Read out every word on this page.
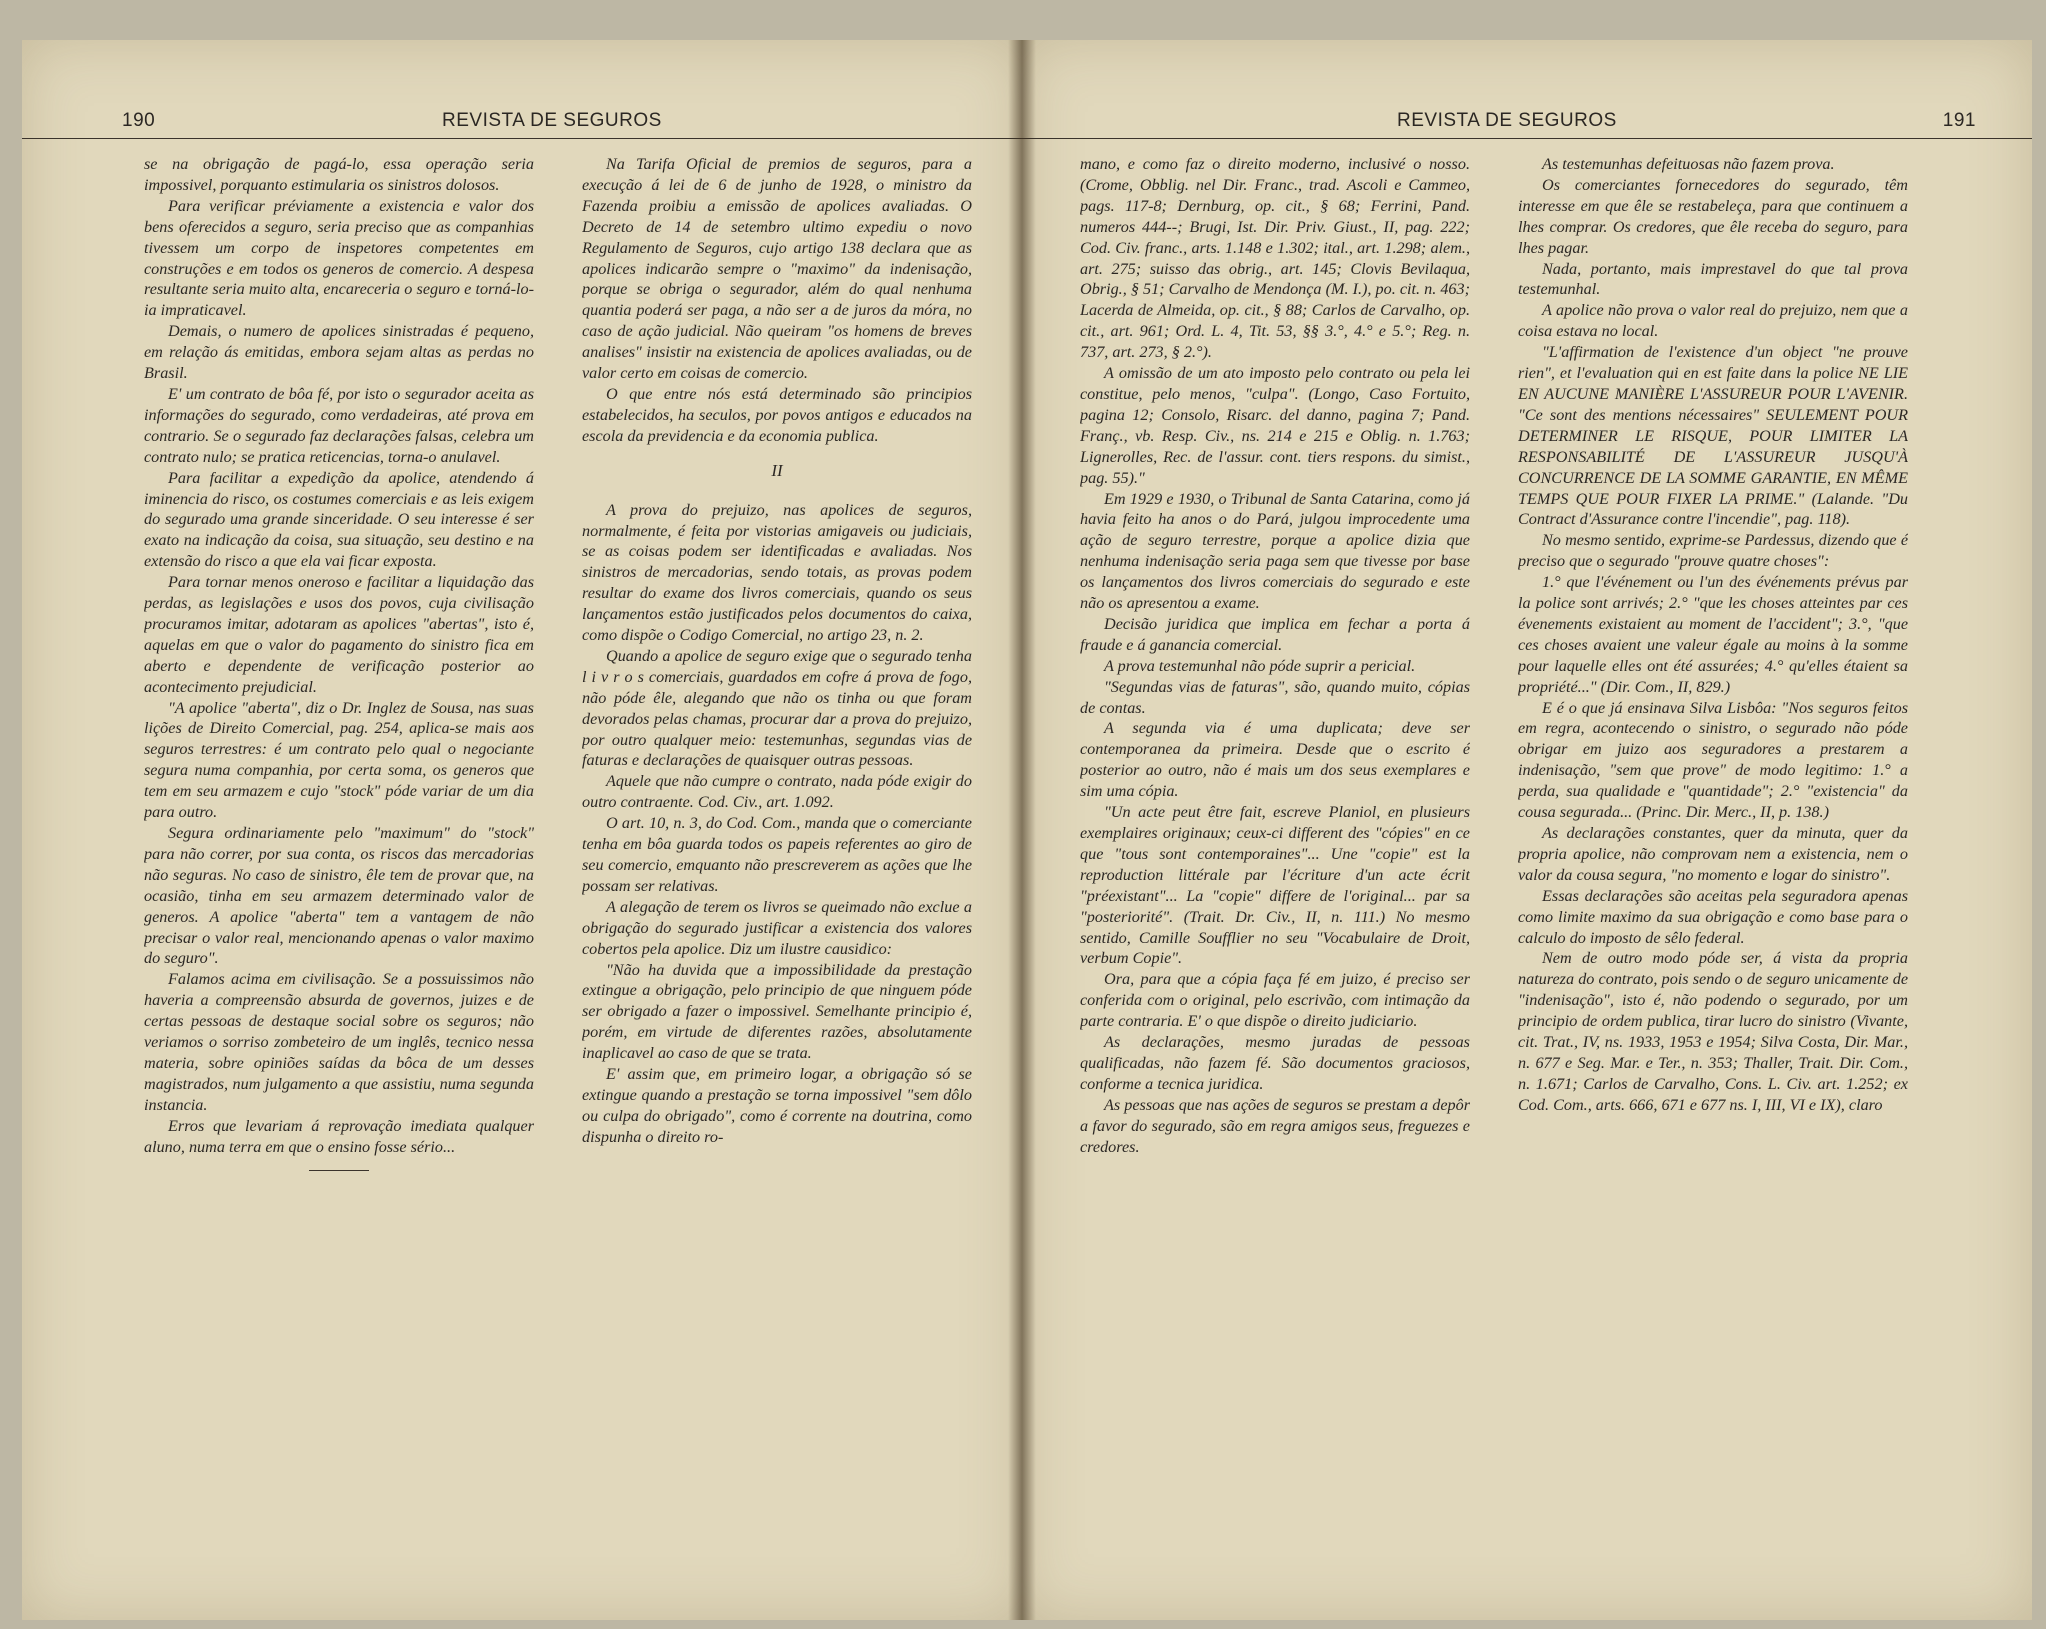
190	REVISTA DE SEGUROS

se na obrigação de pagá-lo, essa operação seria impossivel, porquanto estimularia os sinistros dolosos.

Para verificar préviamente a existencia e valor dos bens oferecidos a seguro, seria preciso que as companhias tivessem um corpo de inspetores competentes em construções e em todos os generos de comercio. A despesa resultante seria muito alta, encareceria o seguro e torná-lo-ia impraticavel.

Demais, o numero de apolices sinistradas é pequeno, em relação ás emitidas, embora sejam altas as perdas no Brasil.

E' um contrato de bôa fé, por isto o segurador aceita as informações do segurado, como verdadeiras, até prova em contrario. Se o segurado faz declarações falsas, celebra um contrato nulo; se pratica reticencias, torna-o anulavel.

Para facilitar a expedição da apolice, atendendo á iminencia do risco, os costumes comerciais e as leis exigem do segurado uma grande sinceridade. O seu interesse é ser exato na indicação da coisa, sua situação, seu destino e na extensão do risco a que ela vai ficar exposta.

Para tornar menos oneroso e facilitar a liquidação das perdas, as legislações e usos dos povos, cuja civilisação procuramos imitar, adotaram as apolices "abertas", isto é, aquelas em que o valor do pagamento do sinistro fica em aberto e dependente de verificação posterior ao acontecimento prejudicial.

"A apolice "aberta", diz o Dr. Inglez de Sousa, nas suas lições de Direito Comercial, pag. 254, aplica-se mais aos seguros terrestres: é um contrato pelo qual o negociante segura numa companhia, por certa soma, os generos que tem em seu armazem e cujo "stock" póde variar de um dia para outro.

Segura ordinariamente pelo "maximum" do "stock" para não correr, por sua conta, os riscos das mercadorias não seguras. No caso de sinistro, êle tem de provar que, na ocasião, tinha em seu armazem determinado valor de generos. A apolice "aberta" tem a vantagem de não precisar o valor real, mencionando apenas o valor maximo do seguro".

Falamos acima em civilisação. Se a possuissimos não haveria a compreensão absurda de governos, juizes e de certas pessoas de destaque social sobre os seguros; não veriamos o sorriso zombeteiro de um inglês, tecnico nessa materia, sobre opiniões saídas da bôca de um desses magistrados, num julgamento a que assistiu, numa segunda instancia.

Erros que levariam á reprovação imediata qualquer aluno, numa terra em que o ensino fosse sério...

Na Tarifa Oficial de premios de seguros, para a execução á lei de 6 de junho de 1928, o ministro da Fazenda proibiu a emissão de apolices avaliadas. O Decreto de 14 de setembro ultimo expediu o novo Regulamento de Seguros, cujo artigo 138 declara que as apolices indicarão sempre o "maximo" da indenisação, porque se obriga o segurador, além do qual nenhuma quantia poderá ser paga, a não ser a de juros da móra, no caso de ação judicial. Não queiram "os homens de breves analises" insistir na existencia de apolices avaliadas, ou de valor certo em coisas de comercio.

O que entre nós está determinado são principios estabelecidos, ha seculos, por povos antigos e educados na escola da previdencia e da economia publica.

II

A prova do prejuizo, nas apolices de seguros, normalmente, é feita por vistorias amigaveis ou judiciais, se as coisas podem ser identificadas e avaliadas. Nos sinistros de mercadorias, sendo totais, as provas podem resultar do exame dos livros comerciais, quando os seus lançamentos estão justificados pelos documentos do caixa, como dispõe o Codigo Comercial, no artigo 23, n. 2.

Quando a apolice de seguro exige que o segurado tenha l i v r o s comerciais, guardados em cofre á prova de fogo, não póde êle, alegando que não os tinha ou que foram devorados pelas chamas, procurar dar a prova do prejuizo, por outro qualquer meio: testemunhas, segundas vias de faturas e declarações de quaisquer outras pessoas.

Aquele que não cumpre o contrato, nada póde exigir do outro contraente. Cod. Civ., art. 1.092.

O art. 10, n. 3, do Cod. Com., manda que o comerciante tenha em bôa guarda todos os papeis referentes ao giro de seu comercio, emquanto não prescreverem as ações que lhe possam ser relativas.

A alegação de terem os livros se queimado não exclue a obrigação do segurado justificar a existencia dos valores cobertos pela apolice. Diz um ilustre causidico:

"Não ha duvida que a impossibilidade da prestação extingue a obrigação, pelo principio de que ninguem póde ser obrigado a fazer o impossivel. Semelhante principio é, porém, em virtude de diferentes razões, absolutamente inaplicavel ao caso de que se trata.

E' assim que, em primeiro logar, a obrigação só se extingue quando a prestação se torna impossivel "sem dôlo ou culpa do obrigado", como é corrente na doutrina, como dispunha o direito ro-

REVISTA DE SEGUROS	191

mano, e como faz o direito moderno, inclusivé o nosso. (Crome, Obblig. nel Dir. Franc., trad. Ascoli e Cammeo, pags. 117-8; Dernburg, op. cit., § 68; Ferrini, Pand. numeros 444--; Brugi, Ist. Dir. Priv. Giust., II, pag. 222; Cod. Civ. franc., arts. 1.148 e 1.302; ital., art. 1.298; alem., art. 275; suisso das obrig., art. 145; Clovis Bevilaqua, Obrig., § 51; Carvalho de Mendonça (M. I.), po. cit. n. 463; Lacerda de Almeida, op. cit., § 88; Carlos de Carvalho, op. cit., art. 961; Ord. L. 4, Tit. 53, §§ 3.°, 4.° e 5.°; Reg. n. 737, art. 273, § 2.°).

A omissão de um ato imposto pelo contrato ou pela lei constitue, pelo menos, "culpa". (Longo, Caso Fortuito, pagina 12; Consolo, Risarc. del danno, pagina 7; Pand. Franç., vb. Resp. Civ., ns. 214 e 215 e Oblig. n. 1.763; Lignerolles, Rec. de l'assur. cont. tiers respons. du simist., pag. 55)."

Em 1929 e 1930, o Tribunal de Santa Catarina, como já havia feito ha anos o do Pará, julgou improcedente uma ação de seguro terrestre, porque a apolice dizia que nenhuma indenisação seria paga sem que tivesse por base os lançamentos dos livros comerciais do segurado e este não os apresentou a exame.

Decisão juridica que implica em fechar a porta á fraude e á ganancia comercial.

A prova testemunhal não póde suprir a pericial.

"Segundas vias de faturas", são, quando muito, cópias de contas.

A segunda via é uma duplicata; deve ser contemporanea da primeira. Desde que o escrito é posterior ao outro, não é mais um dos seus exemplares e sim uma cópia.

"Un acte peut être fait, escreve Planiol, en plusieurs exemplaires originaux; ceux-ci different des "cópies" en ce que "tous sont contemporaines"... Une "copie" est la reproduction littérale par l'écriture d'un acte écrit "préexistant"... La "copie" differe de l'original... par sa "posteriorité". (Trait. Dr. Civ., II, n. 111.) No mesmo sentido, Camille Soufflier no seu "Vocabulaire de Droit, verbum Copie".

Ora, para que a cópia faça fé em juizo, é preciso ser conferida com o original, pelo escrivão, com intimação da parte contraria. E' o que dispõe o direito judiciario.

As declarações, mesmo juradas de pessoas qualificadas, não fazem fé. São documentos graciosos, conforme a tecnica juridica.

As pessoas que nas ações de seguros se prestam a depôr a favor do segurado, são em regra amigos seus, freguezes e credores.

As testemunhas defeituosas não fazem prova.

Os comerciantes fornecedores do segurado, têm interesse em que êle se restabeleça, para que continuem a lhes comprar. Os credores, que êle receba do seguro, para lhes pagar.

Nada, portanto, mais imprestavel do que tal prova testemunhal.

A apolice não prova o valor real do prejuizo, nem que a coisa estava no local.

"L'affirmation de l'existence d'un object "ne prouve rien", et l'evaluation qui en est faite dans la police NE LIE EN AUCUNE MANIÈRE L'ASSUREUR POUR L'AVENIR. "Ce sont des mentions nécessaires" SEULEMENT POUR DETERMINER LE RISQUE, POUR LIMITER LA RESPONSABILITÉ DE L'ASSUREUR JUSQU'À CONCURRENCE DE LA SOMME GARANTIE, EN MÊME TEMPS QUE POUR FIXER LA PRIME." (Lalande. "Du Contract d'Assurance contre l'incendie", pag. 118).

No mesmo sentido, exprime-se Pardessus, dizendo que é preciso que o segurado "prouve quatre choses":

1.° que l'événement ou l'un des événements prévus par la police sont arrivés; 2.° "que les choses atteintes par ces évenements existaient au moment de l'accident"; 3.°, "que ces choses avaient une valeur égale au moins à la somme pour laquelle elles ont été assurées; 4.° qu'elles étaient sa propriété..." (Dir. Com., II, 829.)

E é o que já ensinava Silva Lisbôa: "Nos seguros feitos em regra, acontecendo o sinistro, o segurado não póde obrigar em juizo aos seguradores a prestarem a indenisação, "sem que prove" de modo legitimo: 1.° a perda, sua qualidade e "quantidade"; 2.° "existencia" da cousa segurada... (Princ. Dir. Merc., II, p. 138.)

As declarações constantes, quer da minuta, quer da propria apolice, não comprovam nem a existencia, nem o valor da cousa segura, "no momento e logar do sinistro".

Essas declarações são aceitas pela seguradora apenas como limite maximo da sua obrigação e como base para o calculo do imposto de sêlo federal.

Nem de outro modo póde ser, á vista da propria natureza do contrato, pois sendo o de seguro unicamente de "indenisação", isto é, não podendo o segurado, por um principio de ordem publica, tirar lucro do sinistro (Vivante, cit. Trat., IV, ns. 1933, 1953 e 1954; Silva Costa, Dir. Mar., n. 677 e Seg. Mar. e Ter., n. 353; Thaller, Trait. Dir. Com., n. 1.671; Carlos de Carvalho, Cons. L. Civ. art. 1.252; ex Cod. Com., arts. 666, 671 e 677 ns. I, III, VI e IX), claro
